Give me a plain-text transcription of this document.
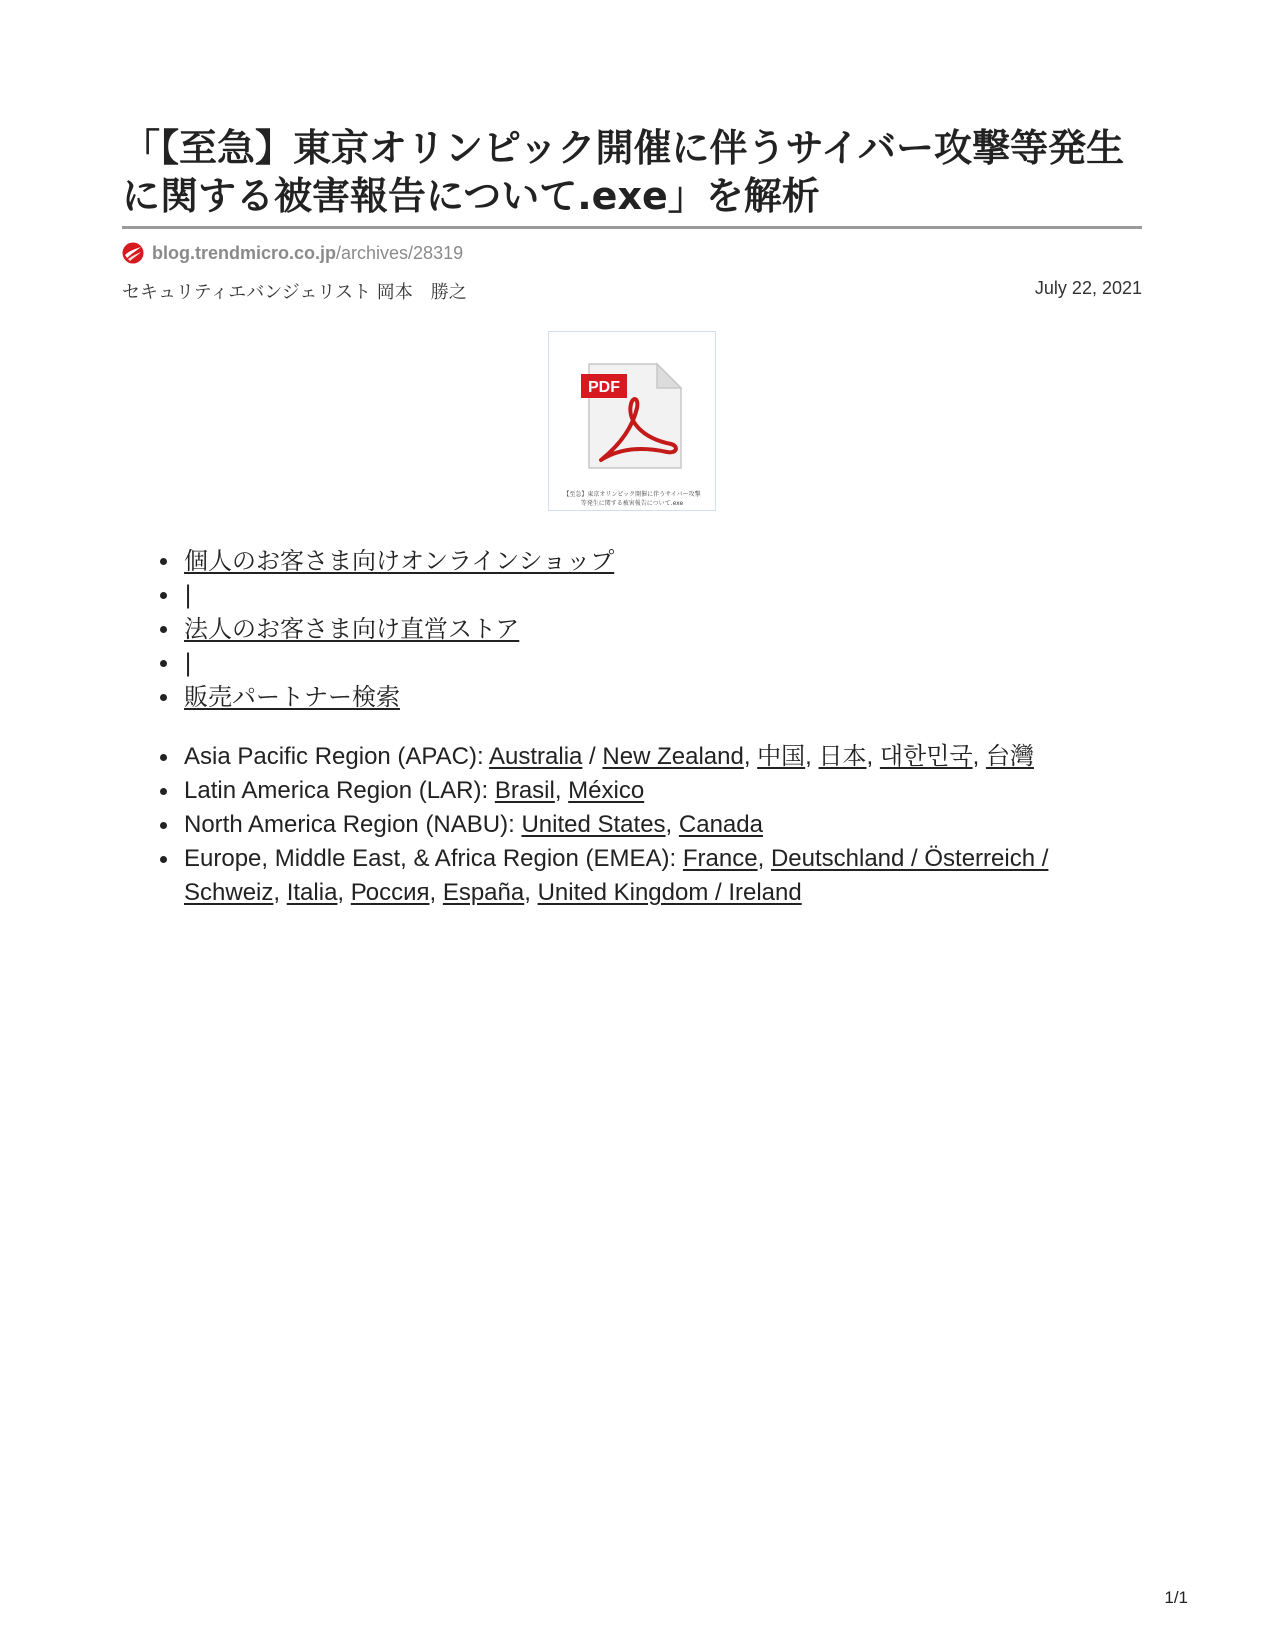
「【至急】東京オリンピック開催に伴うサイバー攻撃等発生に関する被害報告について.exe」を解析
blog.trendmicro.co.jp /archives/28319
セキュリティエバンジェリスト 岡本　勝之	July 22, 2021
PDF
【至急】東京オリンピック開催に伴うサイバー攻撃
等発生に関する被害報告について.exe
個人のお客さま向けオンラインショップ
|
法人のお客さま向け直営ストア
|
販売パートナー検索
Asia Pacific Region (APAC): Australia / New Zealand, 中国, 日本, 대한민국, 台灣
Latin America Region (LAR): Brasil, México
North America Region (NABU): United States, Canada
Europe, Middle East, & Africa Region (EMEA): France, Deutschland / Österreich / Schweiz, Italia, Россия, España, United Kingdom / Ireland
1/1
